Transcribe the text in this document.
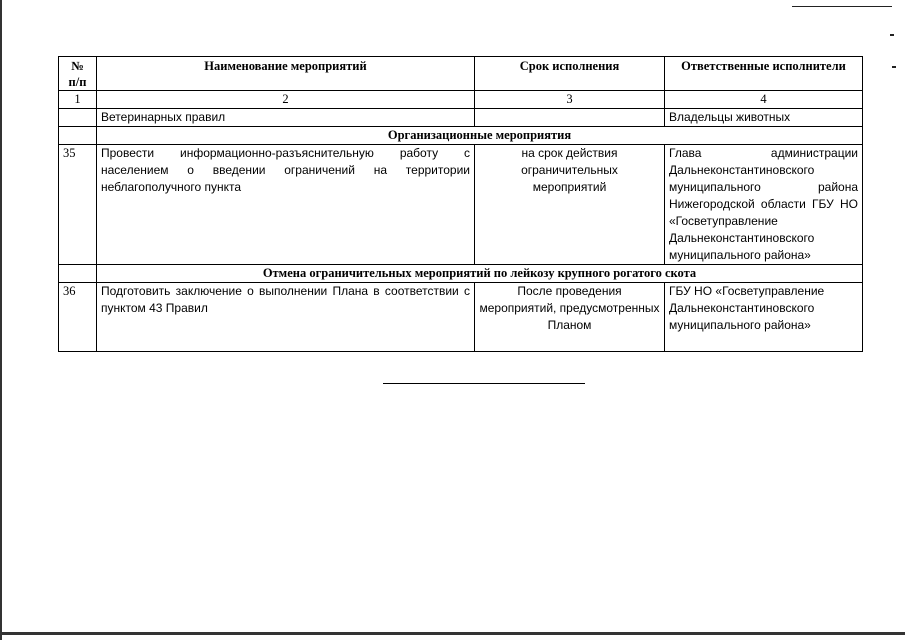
№
п/п	Наименование мероприятий	Срок исполнения	Ответственные исполнители
1	2	3	4
	Ветеринарных правил		Владельцы животных
	Организационные мероприятия		
35	Провести информационно-разъяснительную работу с населением о введении ограничений на территории неблагополучного пункта	на срок действия ограничительных мероприятий	Глава администрации Дальнеконстантиновского муниципального района Нижегородской области ГБУ НО «Госветуправление Дальнеконстантиновского муниципального района»
	Отмена ограничительных мероприятий по лейкозу крупного рогатого скота		
36	Подготовить заключение о выполнении Плана в соответствии с пунктом 43 Правил	После проведения мероприятий, предусмотренных Планом	ГБУ НО «Госветуправление Дальнеконстантиновского муниципального района»
